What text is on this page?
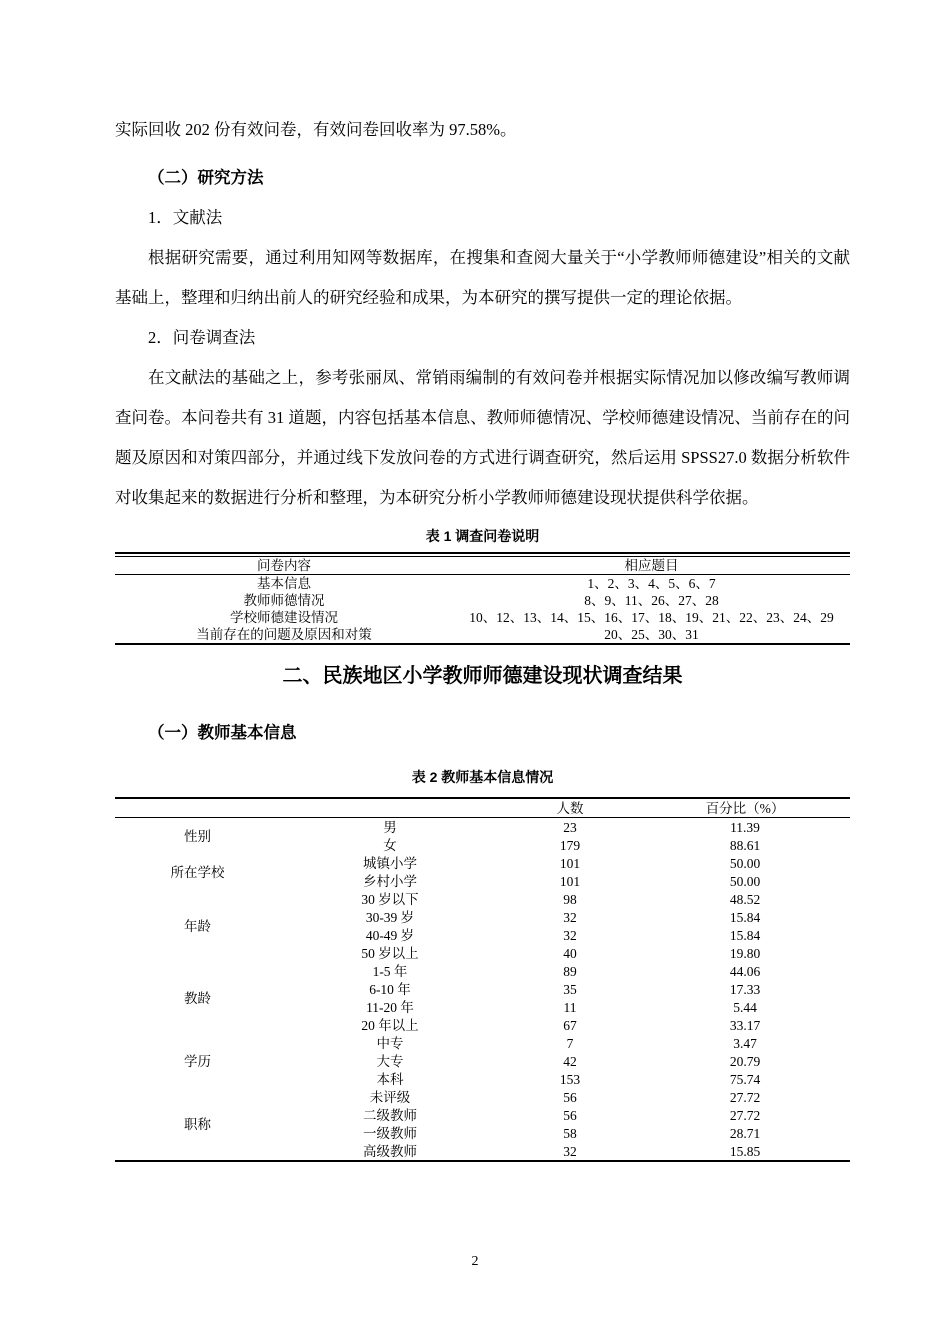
实际回收 202 份有效问卷，有效问卷回收率为 97.58%。

（二）研究方法

1．文献法

根据研究需要，通过利用知网等数据库，在搜集和查阅大量关于“小学教师师德建设”相关的文献基础上，整理和归纳出前人的研究经验和成果，为本研究的撰写提供一定的理论依据。

2．问卷调查法

在文献法的基础之上，参考张丽凤、常销雨编制的有效问卷并根据实际情况加以修改编写教师调查问卷。本问卷共有 31 道题，内容包括基本信息、教师师德情况、学校师德建设情况、当前存在的问题及原因和对策四部分，并通过线下发放问卷的方式进行调查研究，然后运用 SPSS27.0 数据分析软件对收集起来的数据进行分析和整理，为本研究分析小学教师师德建设现状提供科学依据。

表 1 调查问卷说明

问卷内容	相应题目
基本信息	1、2、3、4、5、6、7
教师师德情况	8、9、11、26、27、28
学校师德建设情况	10、12、13、14、15、16、17、18、19、21、22、23、24、29
当前存在的问题及原因和对策	20、25、30、31

二、民族地区小学教师师德建设现状调查结果

（一）教师基本信息

表 2 教师基本信息情况

		人数	百分比（%）
性别	男	23	11.39
	女	179	88.61
所在学校	城镇小学	101	50.00
	乡村小学	101	50.00
年龄	30 岁以下	98	48.52
	30-39 岁	32	15.84
	40-49 岁	32	15.84
	50 岁以上	40	19.80
教龄	1-5 年	89	44.06
	6-10 年	35	17.33
	11-20 年	11	5.44
	20 年以上	67	33.17
学历	中专	7	3.47
	大专	42	20.79
	本科	153	75.74
职称	未评级	56	27.72
	二级教师	56	27.72
	一级教师	58	28.71
	高级教师	32	15.85
2
